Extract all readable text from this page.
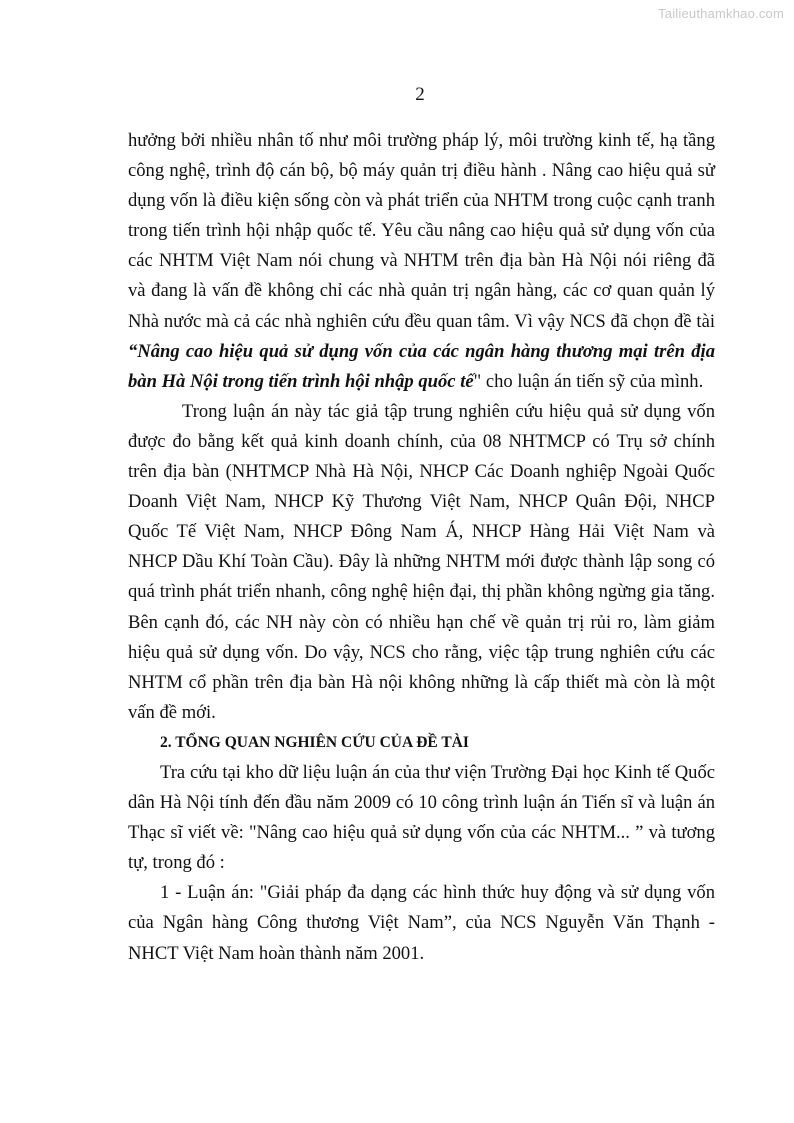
Tailieuthamkhao.com
2

hưởng bởi nhiều nhân tố như môi trường pháp lý, môi trường kinh tế, hạ tầng công nghệ, trình độ cán bộ, bộ máy quản trị điều hành . Nâng cao hiệu quả sử dụng vốn là điều kiện sống còn và phát triển của NHTM trong cuộc cạnh tranh trong tiến trình hội nhập quốc tế. Yêu cầu nâng cao hiệu quả sử dụng vốn của các NHTM Việt Nam nói chung và NHTM trên địa bàn Hà Nội nói riêng đã và đang là vấn đề không chỉ các nhà quản trị ngân hàng, các cơ quan quản lý Nhà nước mà cả các nhà nghiên cứu đều quan tâm. Vì vậy NCS đã chọn đề tài “Nâng cao hiệu quả sử dụng vốn của các ngân hàng thương mại trên địa bàn Hà Nội trong tiến trình hội nhập quốc tế" cho luận án tiến sỹ của mình.

Trong luận án này tác giả tập trung nghiên cứu hiệu quả sử dụng vốn được đo bằng kết quả kinh doanh chính, của 08 NHTMCP có Trụ sở chính trên địa bàn (NHTMCP Nhà Hà Nội, NHCP Các Doanh nghiệp Ngoài Quốc Doanh Việt Nam, NHCP Kỹ Thương Việt Nam, NHCP Quân Đội, NHCP Quốc Tế Việt Nam, NHCP Đông Nam Á, NHCP Hàng Hải Việt Nam và NHCP Dầu Khí Toàn Cầu). Đây là những NHTM mới được thành lập song có quá trình phát triển nhanh, công nghệ hiện đại, thị phần không ngừng gia tăng. Bên cạnh đó, các NH này còn có nhiều hạn chế về quản trị rủi ro, làm giảm hiệu quả sử dụng vốn. Do vậy, NCS cho rằng, việc tập trung nghiên cứu các NHTM cổ phần trên địa bàn Hà nội không những là cấp thiết mà còn là một vấn đề mới.

2. TỔNG QUAN NGHIÊN CỨU CỦA ĐỀ TÀI

Tra cứu tại kho dữ liệu luận án của thư viện Trường Đại học Kinh tế Quốc dân Hà Nội tính đến đầu năm 2009 có 10 công trình luận án Tiến sĩ và luận án Thạc sĩ viết về: "Nâng cao hiệu quả sử dụng vốn của các NHTM... ” và tương tự, trong đó :

1 - Luận án: "Giải pháp đa dạng các hình thức huy động và sử dụng vốn của Ngân hàng Công thương Việt Nam”, của NCS Nguyễn Văn Thạnh - NHCT Việt Nam hoàn thành năm 2001.
